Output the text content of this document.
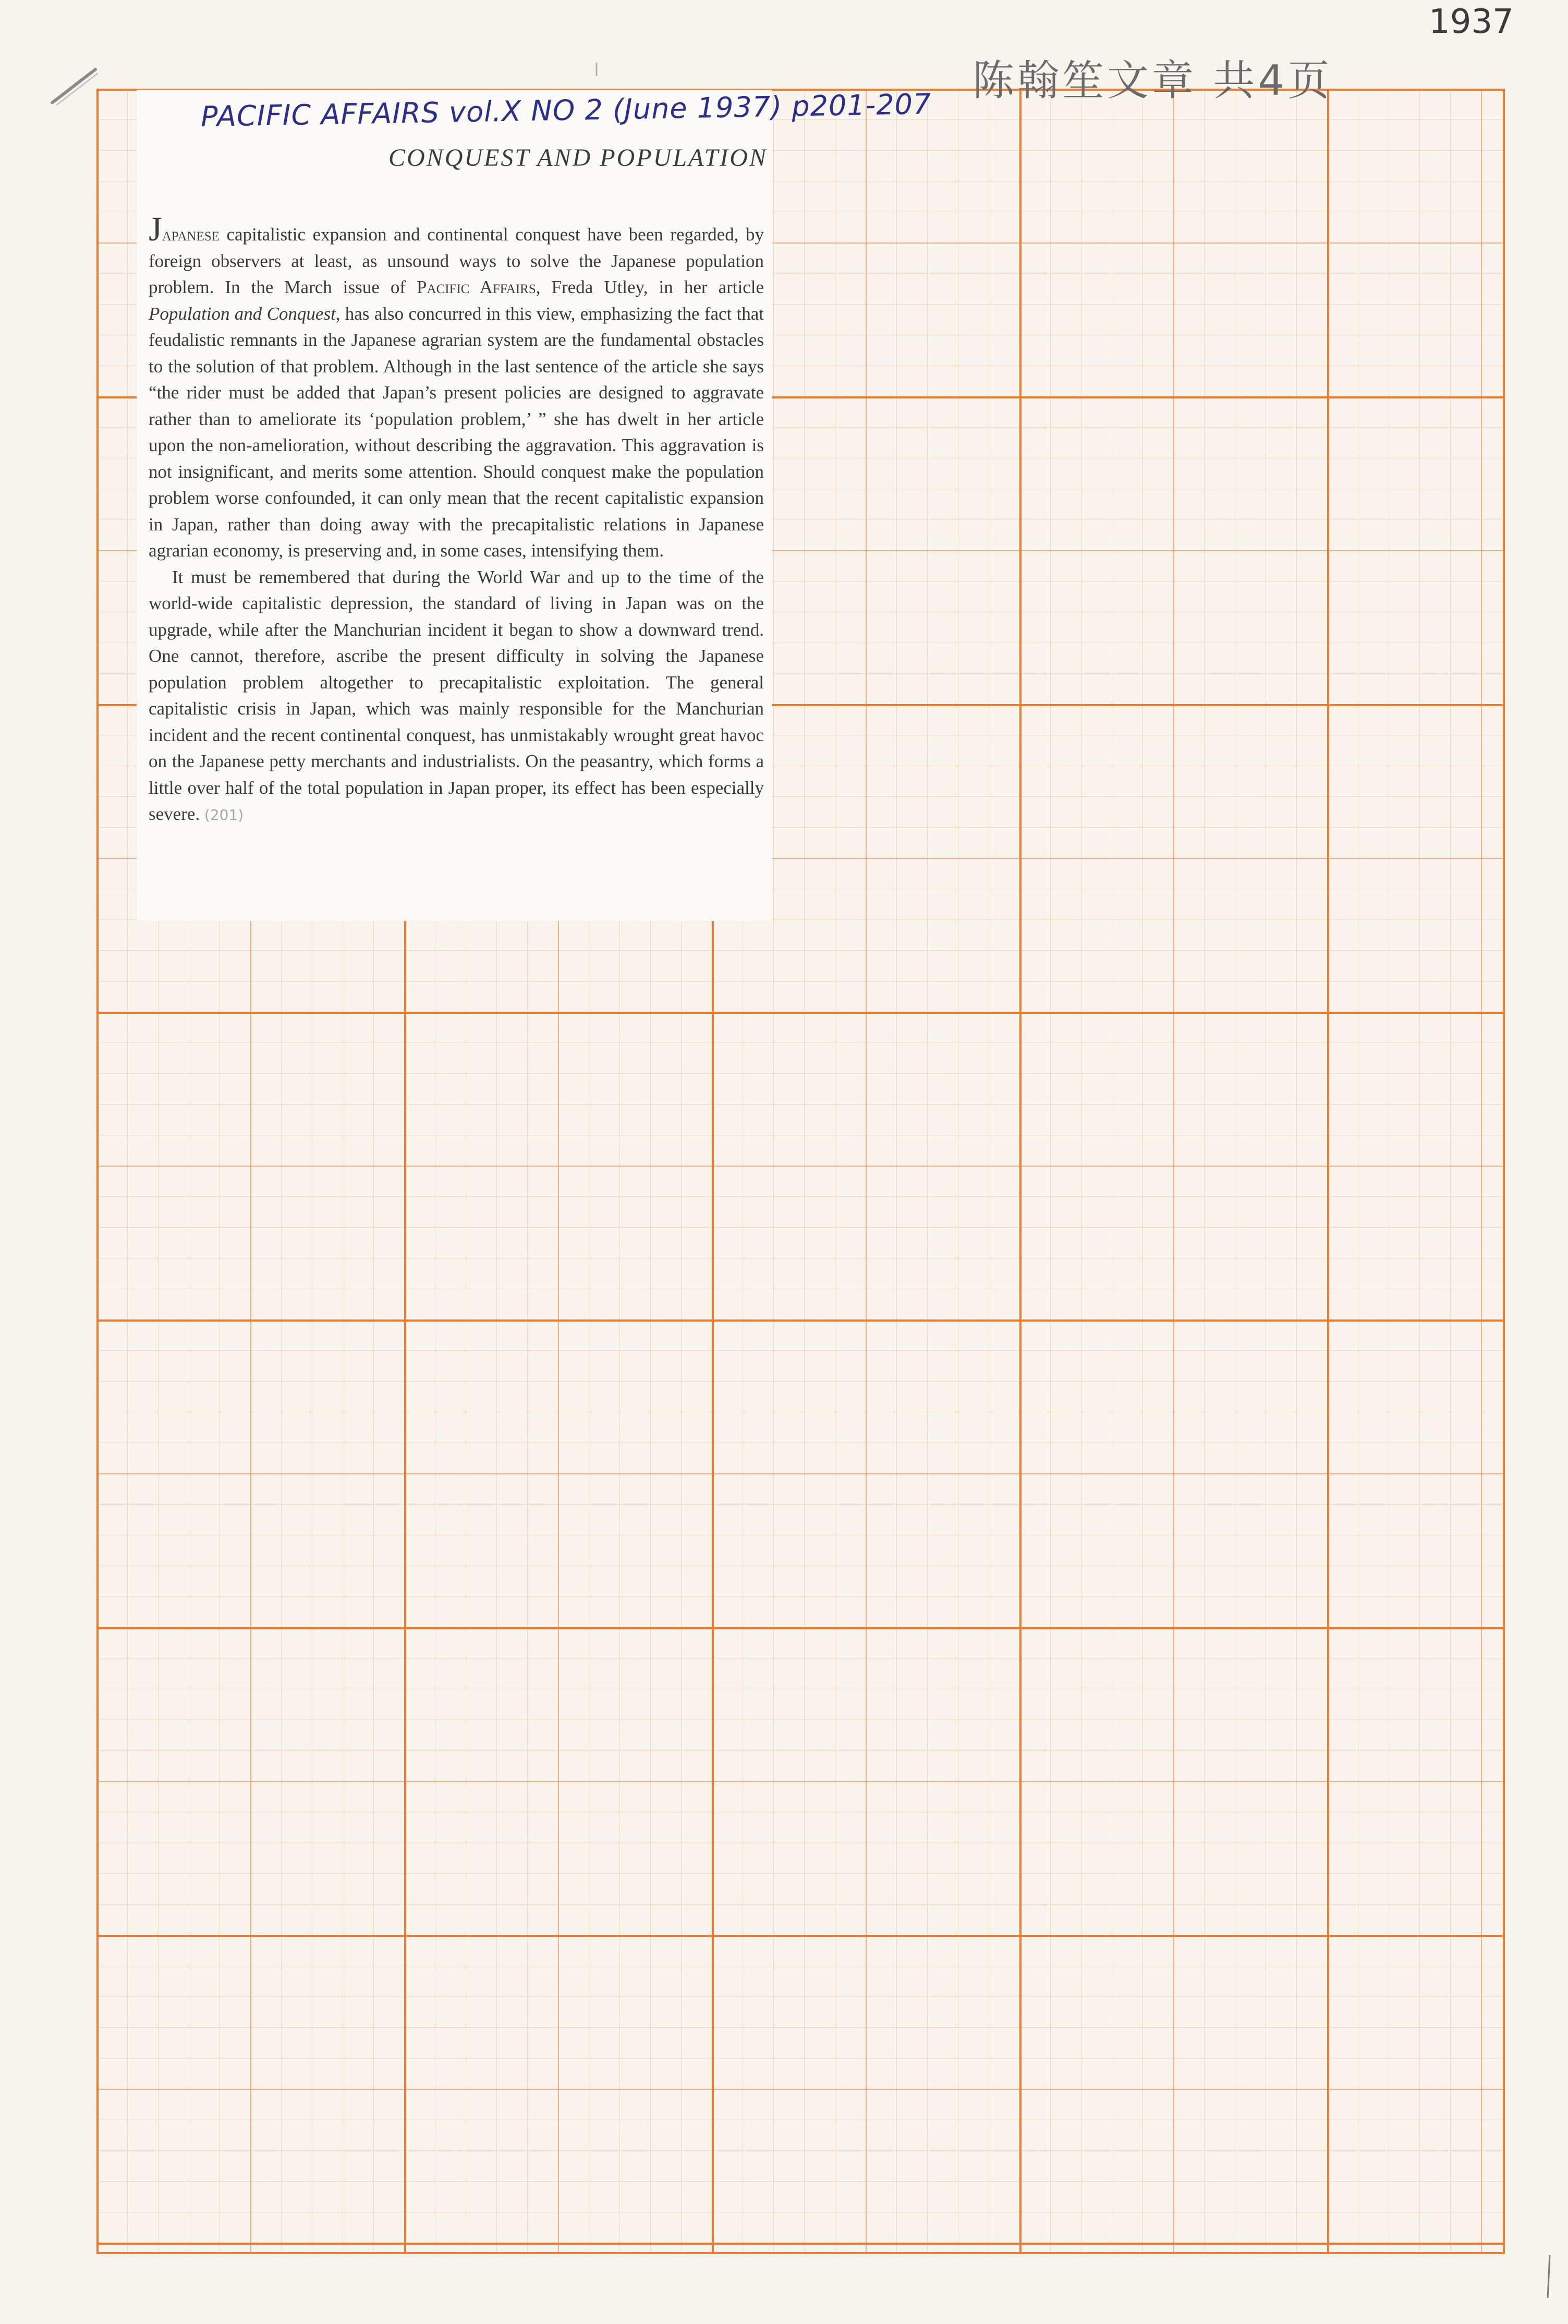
陈翰笙文章 共4页
1937
PACIFIC AFFAIRS vol.X NO 2 (June 1937) p201-207
CONQUEST AND POPULATION

Japanese capitalistic expansion and continental conquest have been regarded, by foreign observers at least, as unsound ways to solve the Japanese population problem. In the March issue of Pacific Affairs, Freda Utley, in her article Population and Conquest, has also concurred in this view, emphasizing the fact that feudalistic remnants in the Japanese agrarian system are the fundamental obstacles to the solution of that problem. Although in the last sentence of the article she says “the rider must be added that Japan’s present policies are designed to aggravate rather than to ameliorate its ‘population problem,’ ” she has dwelt in her article upon the non-amelioration, without describing the aggravation. This aggravation is not insignificant, and merits some attention. Should conquest make the population problem worse confounded, it can only mean that the recent capitalistic expansion in Japan, rather than doing away with the precapitalistic relations in Japanese agrarian economy, is preserving and, in some cases, intensifying them.

It must be remembered that during the World War and up to the time of the world-wide capitalistic depression, the standard of living in Japan was on the upgrade, while after the Manchurian incident it began to show a downward trend. One cannot, therefore, ascribe the present difficulty in solving the Japanese population problem altogether to precapitalistic exploitation. The general capitalistic crisis in Japan, which was mainly responsible for the Manchurian incident and the recent continental conquest, has unmistakably wrought great havoc on the Japanese petty merchants and industrialists. On the peasantry, which forms a little over half of the total population in Japan proper, its effect has been especially severe. (201)
